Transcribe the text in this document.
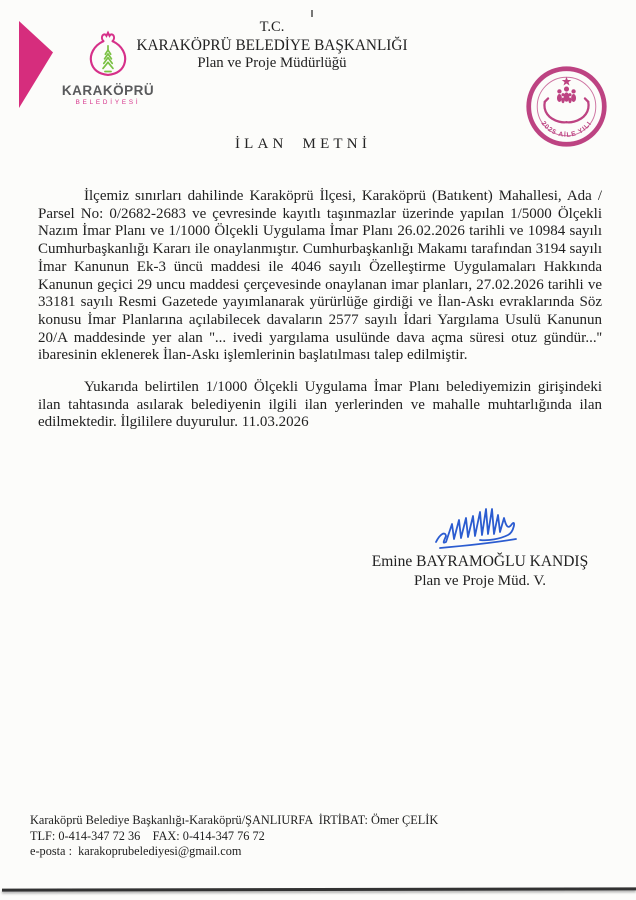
KARAKÖPRÜ
BELEDİYESİ
T.C.
KARAKÖPRÜ BELEDİYE BAŞKANLIĞI
Plan ve Proje Müdürlüğü
2025 AİLE YILI
İLAN METNİ

İlçemiz sınırları dahilinde Karaköprü İlçesi, Karaköprü (Batıkent) Mahallesi, Ada / Parsel No: 0/2682-2683 ve çevresinde kayıtlı taşınmazlar üzerinde yapılan 1/5000 Ölçekli Nazım İmar Planı ve 1/1000 Ölçekli Uygulama İmar Planı 26.02.2026 tarihli ve 10984 sayılı Cumhurbaşkanlığı Kararı ile onaylanmıştır. Cumhurbaşkanlığı Makamı tarafından 3194 sayılı İmar Kanunun Ek-3 üncü maddesi ile 4046 sayılı Özelleştirme Uygulamaları Hakkında Kanunun geçici 29 uncu maddesi çerçevesinde onaylanan imar planları, 27.02.2026 tarihli ve 33181 sayılı Resmi Gazetede yayımlanarak yürürlüğe girdiği ve İlan-Askı evraklarında Söz konusu İmar Planlarına açılabilecek davaların 2577 sayılı İdari Yargılama Usulü Kanunun 20/A maddesinde yer alan ''... ivedi yargılama usulünde dava açma süresi otuz gündür...'' ibaresinin eklenerek İlan-Askı işlemlerinin başlatılması talep edilmiştir.

Yukarıda belirtilen 1/1000 Ölçekli Uygulama İmar Planı belediyemizin girişindeki ilan tahtasında asılarak belediyenin ilgili ilan yerlerinden ve mahalle muhtarlığında ilan edilmektedir. İlgililere duyurulur. 11.03.2026

Emine BAYRAMOĞLU KANDIŞ
Plan ve Proje Müd. V.
Karaköprü Belediye Başkanlığı-Karaköprü/ŞANLIURFA  İRTİBAT: Ömer ÇELİK
TLF: 0-414-347 72 36    FAX: 0-414-347 76 72
e-posta :  karakoprubelediyesi@gmail.com
